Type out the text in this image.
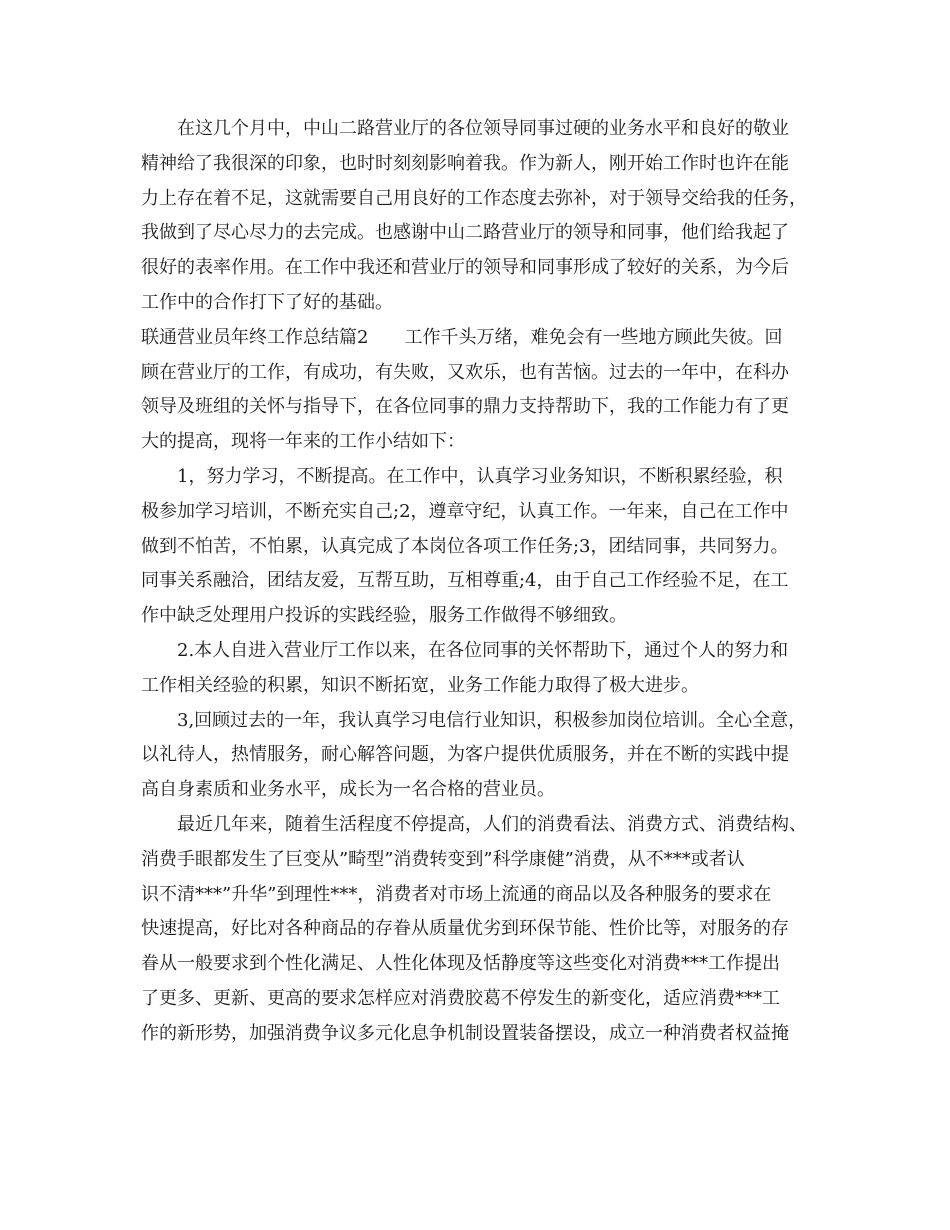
在这几个月中，中山二路营业厅的各位领导同事过硬的业务水平和良好的敬业
精神给了我很深的印象，也时时刻刻影响着我。作为新人，刚开始工作时也许在能
力上存在着不足，这就需要自己用良好的工作态度去弥补，对于领导交给我的任务，
我做到了尽心尽力的去完成。也感谢中山二路营业厅的领导和同事，他们给我起了
很好的表率作用。在工作中我还和营业厅的领导和同事形成了较好的关系，为今后
工作中的合作打下了好的基础。
联通营业员年终工作总结篇2　　工作千头万绪，难免会有一些地方顾此失彼。回
顾在营业厅的工作，有成功，有失败，又欢乐，也有苦恼。过去的一年中，在科办
领导及班组的关怀与指导下，在各位同事的鼎力支持帮助下，我的工作能力有了更
大的提高，现将一年来的工作小结如下：
1，努力学习，不断提高。在工作中，认真学习业务知识，不断积累经验，积
极参加学习培训，不断充实自己;2，遵章守纪，认真工作。一年来，自己在工作中
做到不怕苦，不怕累，认真完成了本岗位各项工作任务;3，团结同事，共同努力。
同事关系融洽，团结友爱，互帮互助，互相尊重;4，由于自己工作经验不足，在工
作中缺乏处理用户投诉的实践经验，服务工作做得不够细致。
2.本人自进入营业厅工作以来，在各位同事的关怀帮助下，通过个人的努力和
工作相关经验的积累，知识不断拓宽，业务工作能力取得了极大进步。
3,回顾过去的一年，我认真学习电信行业知识，积极参加岗位培训。全心全意，
以礼待人，热情服务，耐心解答问题，为客户提供优质服务，并在不断的实践中提
高自身素质和业务水平，成长为一名合格的营业员。
最近几年来，随着生活程度不停提高，人们的消费看法、消费方式、消费结构、
消费手眼都发生了巨变从”畸型”消费转变到”科学康健”消费，从不***或者认
识不清***”升华”到理性***，消费者对市场上流通的商品以及各种服务的要求在
快速提高，好比对各种商品的存眷从质量优劣到环保节能、性价比等，对服务的存
眷从一般要求到个性化满足、人性化体现及恬静度等这些变化对消费***工作提出
了更多、更新、更高的要求怎样应对消费胶葛不停发生的新变化，适应消费***工
作的新形势，加强消费争议多元化息争机制设置装备摆设，成立一种消费者权益掩
